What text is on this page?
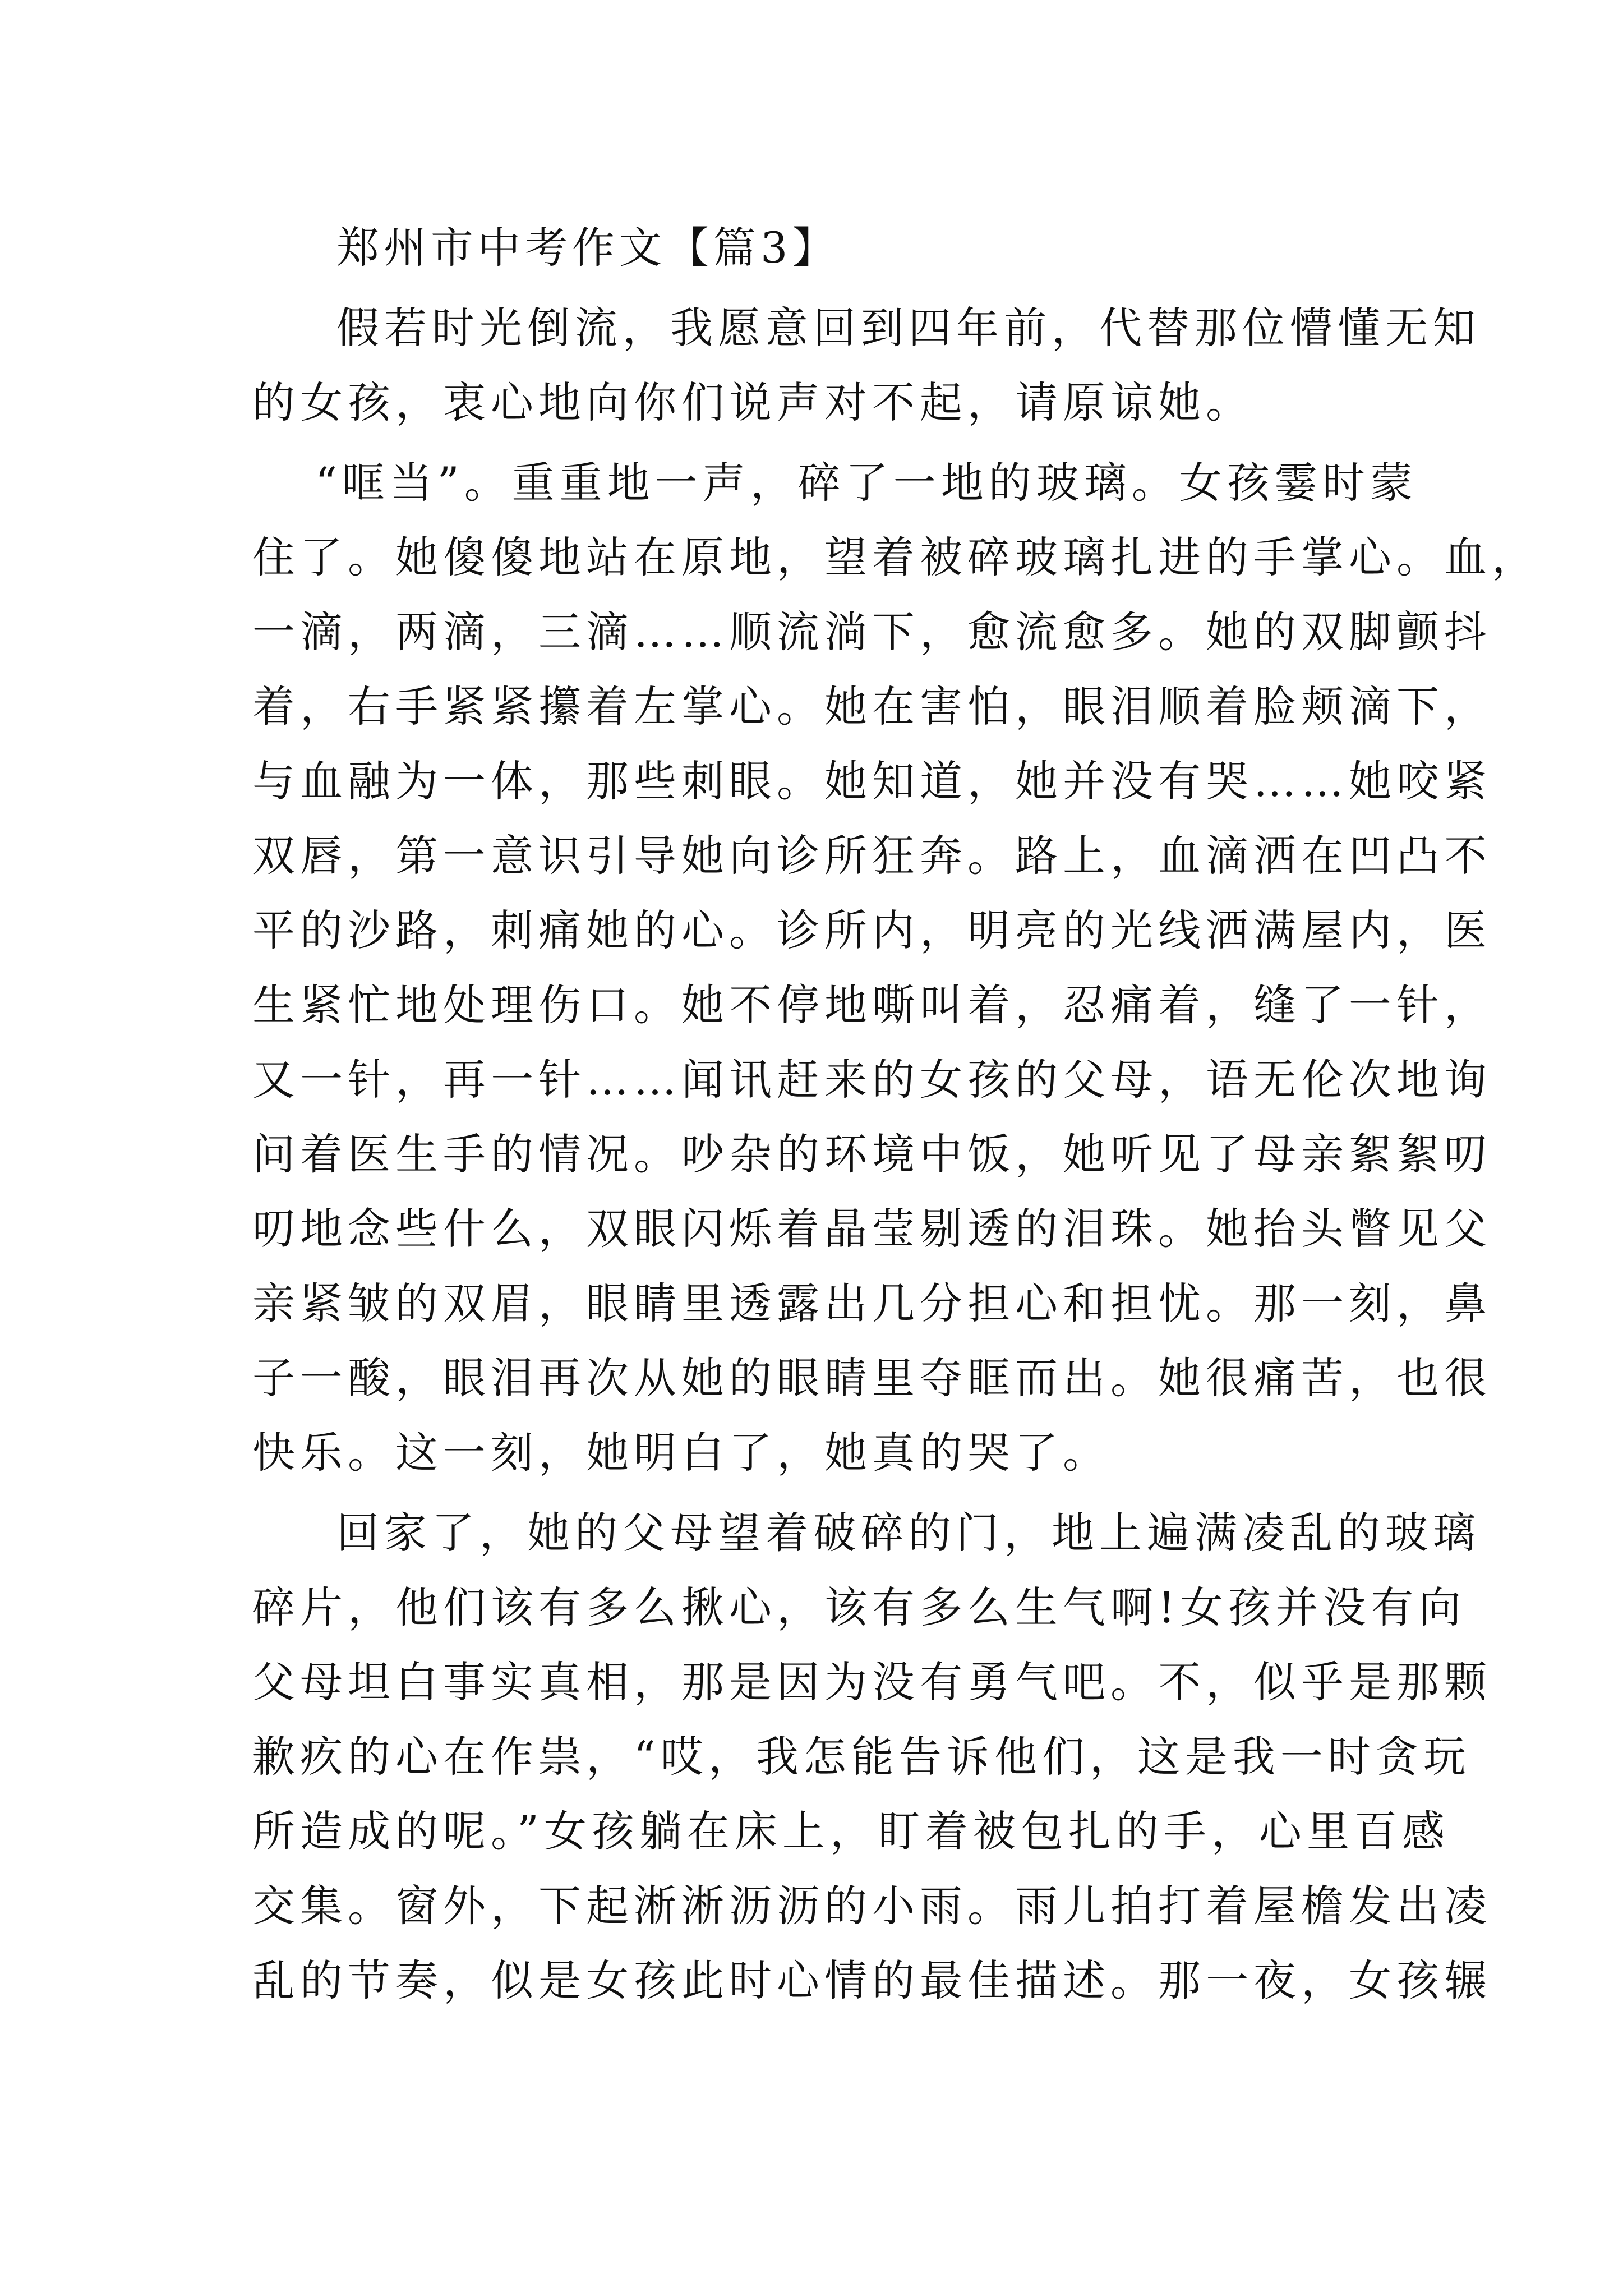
郑州市中考作文【篇3】
假若时光倒流，我愿意回到四年前，代替那位懵懂无知
的女孩，衷心地向你们说声对不起，请原谅她。
“哐当”。重重地一声，碎了一地的玻璃。女孩霎时蒙
住了。她傻傻地站在原地，望着被碎玻璃扎进的手掌心。血，
一滴，两滴，三滴……顺流淌下，愈流愈多。她的双脚颤抖
着，右手紧紧攥着左掌心。她在害怕，眼泪顺着脸颊滴下，
与血融为一体，那些刺眼。她知道，她并没有哭……她咬紧
双唇，第一意识引导她向诊所狂奔。路上，血滴洒在凹凸不
平的沙路，刺痛她的心。诊所内，明亮的光线洒满屋内，医
生紧忙地处理伤口。她不停地嘶叫着，忍痛着，缝了一针，
又一针，再一针……闻讯赶来的女孩的父母，语无伦次地询
问着医生手的情况。吵杂的环境中饭，她听见了母亲絮絮叨
叨地念些什么，双眼闪烁着晶莹剔透的泪珠。她抬头瞥见父
亲紧皱的双眉，眼睛里透露出几分担心和担忧。那一刻，鼻
子一酸，眼泪再次从她的眼睛里夺眶而出。她很痛苦，也很
快乐。这一刻，她明白了，她真的哭了。
回家了，她的父母望着破碎的门，地上遍满凌乱的玻璃
碎片，他们该有多么揪心，该有多么生气啊!女孩并没有向
父母坦白事实真相，那是因为没有勇气吧。不，似乎是那颗
歉疚的心在作祟，“哎，我怎能告诉他们，这是我一时贪玩
所造成的呢。”女孩躺在床上，盯着被包扎的手，心里百感
交集。窗外，下起淅淅沥沥的小雨。雨儿拍打着屋檐发出凌
乱的节奏，似是女孩此时心情的最佳描述。那一夜，女孩辗
